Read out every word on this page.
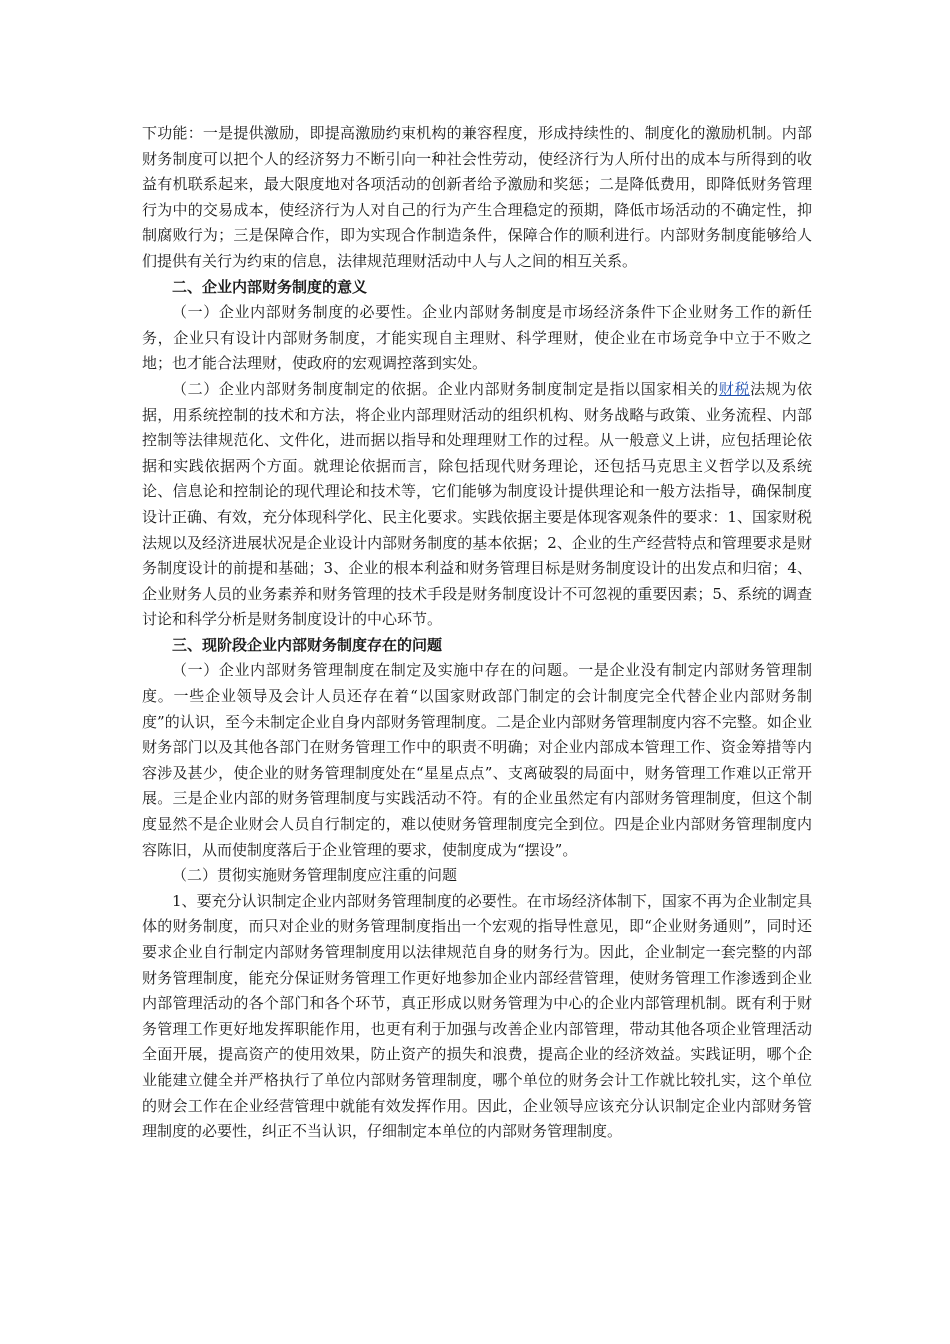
下功能：一是提供激励，即提高激励约束机构的兼容程度，形成持续性的、制度化的激励机制。内部财务制度可以把个人的经济努力不断引向一种社会性劳动，使经济行为人所付出的成本与所得到的收益有机联系起来，最大限度地对各项活动的创新者给予激励和奖惩；二是降低费用，即降低财务管理行为中的交易成本，使经济行为人对自己的行为产生合理稳定的预期，降低市场活动的不确定性，抑制腐败行为；三是保障合作，即为实现合作制造条件，保障合作的顺利进行。内部财务制度能够给人们提供有关行为约束的信息，法律规范理财活动中人与人之间的相互关系。

二、企业内部财务制度的意义

（一）企业内部财务制度的必要性。企业内部财务制度是市场经济条件下企业财务工作的新任务，企业只有设计内部财务制度，才能实现自主理财、科学理财，使企业在市场竞争中立于不败之地；也才能合法理财，使政府的宏观调控落到实处。

（二）企业内部财务制度制定的依据。企业内部财务制度制定是指以国家相关的财税法规为依据，用系统控制的技术和方法，将企业内部理财活动的组织机构、财务战略与政策、业务流程、内部控制等法律规范化、文件化，进而据以指导和处理理财工作的过程。从一般意义上讲，应包括理论依据和实践依据两个方面。就理论依据而言，除包括现代财务理论，还包括马克思主义哲学以及系统论、信息论和控制论的现代理论和技术等，它们能够为制度设计提供理论和一般方法指导，确保制度设计正确、有效，充分体现科学化、民主化要求。实践依据主要是体现客观条件的要求：1、国家财税法规以及经济进展状况是企业设计内部财务制度的基本依据；2、企业的生产经营特点和管理要求是财务制度设计的前提和基础；3、企业的根本利益和财务管理目标是财务制度设计的出发点和归宿；4、企业财务人员的业务素养和财务管理的技术手段是财务制度设计不可忽视的重要因素；5、系统的调查讨论和科学分析是财务制度设计的中心环节。

三、现阶段企业内部财务制度存在的问题

（一）企业内部财务管理制度在制定及实施中存在的问题。一是企业没有制定内部财务管理制度。一些企业领导及会计人员还存在着“以国家财政部门制定的会计制度完全代替企业内部财务制度”的认识，至今未制定企业自身内部财务管理制度。二是企业内部财务管理制度内容不完整。如企业财务部门以及其他各部门在财务管理工作中的职责不明确；对企业内部成本管理工作、资金筹措等内容涉及甚少，使企业的财务管理制度处在“星星点点”、支离破裂的局面中，财务管理工作难以正常开展。三是企业内部的财务管理制度与实践活动不符。有的企业虽然定有内部财务管理制度，但这个制度显然不是企业财会人员自行制定的，难以使财务管理制度完全到位。四是企业内部财务管理制度内容陈旧，从而使制度落后于企业管理的要求，使制度成为“摆设”。

（二）贯彻实施财务管理制度应注重的问题

1、要充分认识制定企业内部财务管理制度的必要性。在市场经济体制下，国家不再为企业制定具体的财务制度，而只对企业的财务管理制度指出一个宏观的指导性意见，即“企业财务通则”，同时还要求企业自行制定内部财务管理制度用以法律规范自身的财务行为。因此，企业制定一套完整的内部财务管理制度，能充分保证财务管理工作更好地参加企业内部经营管理，使财务管理工作渗透到企业内部管理活动的各个部门和各个环节，真正形成以财务管理为中心的企业内部管理机制。既有利于财务管理工作更好地发挥职能作用，也更有利于加强与改善企业内部管理，带动其他各项企业管理活动全面开展，提高资产的使用效果，防止资产的损失和浪费，提高企业的经济效益。实践证明，哪个企业能建立健全并严格执行了单位内部财务管理制度，哪个单位的财务会计工作就比较扎实，这个单位的财会工作在企业经营管理中就能有效发挥作用。因此，企业领导应该充分认识制定企业内部财务管理制度的必要性，纠正不当认识，仔细制定本单位的内部财务管理制度。
